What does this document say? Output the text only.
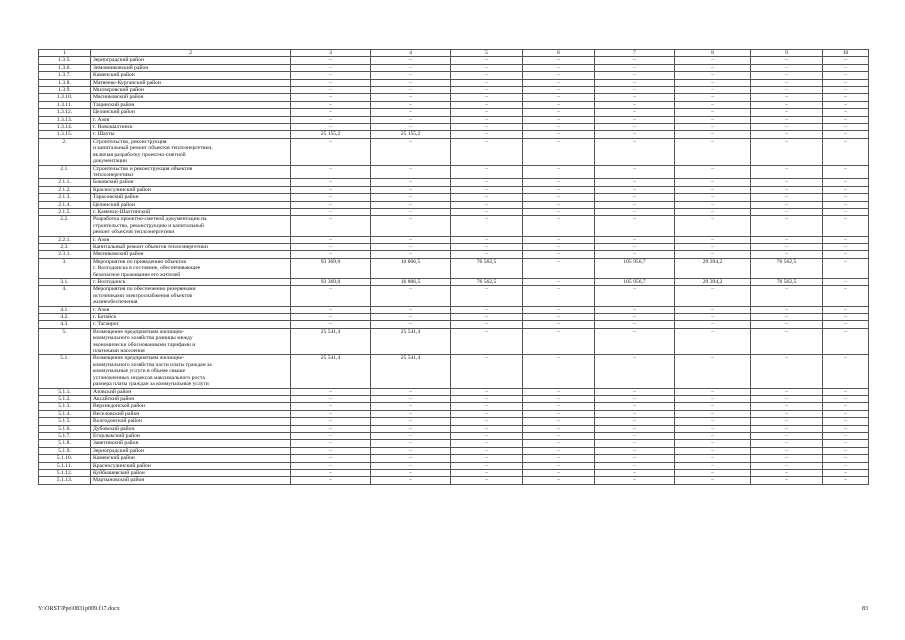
1	2	3	4	5	6	7	8	9	10
1.3.5.	Зерноградский район	–	–	–	–	–	–	–	–
1.3.6.	Зимовниковский район	–	–	–	–	–	–	–	–
1.3.7.	Каменский район	–	–	–	–	–	–	–	–
1.3.8.	Матвеево-Курганский район	–	–	–	–	–	–	–	–
1.3.9.	Миллеровский район	–	–	–	–	–	–	–	–
1.3.10.	Мясниковский район	–	–	–	–	–	–	–	–
1.3.11.	Тацинский район	–	–	–	–	–	–	–	–
1.3.12.	Целинский район	–	–	–	–	–	–	–	–
1.3.13.	г. Азов	–	–	–	–	–	–	–	–
1.3.14.	г. Новошахтинск	–	–	–	–	–	–	–	–
1.3.15.	г. Шахты	25 155,2	25 155,2	–	–	–	–	–	–
2.	Строительство, реконструкция
и капитальный ремонт объектов теплоэнергетики,
включая разработку проектно-сметной
документации	–	–	–	–	–	–	–	–
2.1.	Строительство и реконструкция объектов
теплоэнергетики	–	–	–	–	–	–	–	–
2.1.1.	Боковский район	–	–	–	–	–	–	–	–
2.1.2.	Красносулинский район	–	–	–	–	–	–	–	–
2.1.3.	Тарасовский район	–	–	–	–	–	–	–	–
2.1.4.	Целинский район	–	–	–	–	–	–	–	–
2.1.5.	г. Каменск-Шахтинский	–	–	–	–	–	–	–	–
2.2.	Разработка проектно-сметной документации на
строительство, реконструкцию и капитальный
ремонт объектов теплоэнергетики	–	–	–	–	–	–	–	–
2.2.1.	г. Азов	–	–	–	–	–	–	–	–
2.3.	Капитальный ремонт объектов теплоэнергетики	–	–	–	–	–	–	–	–
2.3.1.	Мясниковский район	–	–	–	–	–	–	–	–
3.	Мероприятия по приведению объектов
г. Волгодонска в состояние, обеспечивающее
безопасное проживание его жителей	93 369,0	16 806,5	76 562,5	–	105 956,7	29 394,2	76 562,5	–
3.1.	г. Волгодонск	93 369,0	16 806,5	76 562,5	–	105 956,7	29 394,2	76 562,5	–
4.	Мероприятия по обеспечению резервными
источниками электроснабжения объектов
жизнеобеспечения	–	–	–	–	–	–	–	–
4.1.	г. Азов	–	–	–	–	–	–	–	–
4.2.	г. Батайск	–	–	–	–	–	–	–	–
4.3.	г. Таганрог	–	–	–	–	–	–	–	–
5.	Возмещение предприятиям жилищно-
коммунального хозяйства разницы между
экономически обоснованными тарифами и
платежами населения	25 541,4	25 541,4	–	–	–	–	–	–
5.1.	Возмещение предприятиям жилищно-
коммунального хозяйства части платы граждан за
коммунальные услуги в объеме свыше
установленных индексов максимального роста
размера платы граждан за коммунальные услуги	25 541,4	25 541,4	–	–	–	–	–	–
5.1.1.	Азовский район	–	–	–	–	–	–	–	–
5.1.2.	Аксайский район	–	–	–	–	–	–	–	–
5.1.3.	Верхнедонской район	–	–	–	–	–	–	–	–
5.1.4.	Веселовский район	–	–	–	–	–	–	–	–
5.1.5.	Волгодонской район	–	–	–	–	–	–	–	–
5.1.6.	Дубовский район	–	–	–	–	–	–	–	–
5.1.7.	Егорлыкский район	–	–	–	–	–	–	–	–
5.1.8.	Заветинский район	–	–	–	–	–	–	–	–
5.1.9.	Зерноградский район	–	–	–	–	–	–	–	–
5.1.10.	Каменский район	–	–	–	–	–	–	–	–
5.1.11.	Красносулинский район	–	–	–	–	–	–	–	–
5.1.12.	Куйбышевский район	–	–	–	–	–	–	–	–
5.1.13.	Мартыновский район	–	–	–	–	–	–	–	–
Y:\ORST\Ppo\0831p009.f17.docx	83
